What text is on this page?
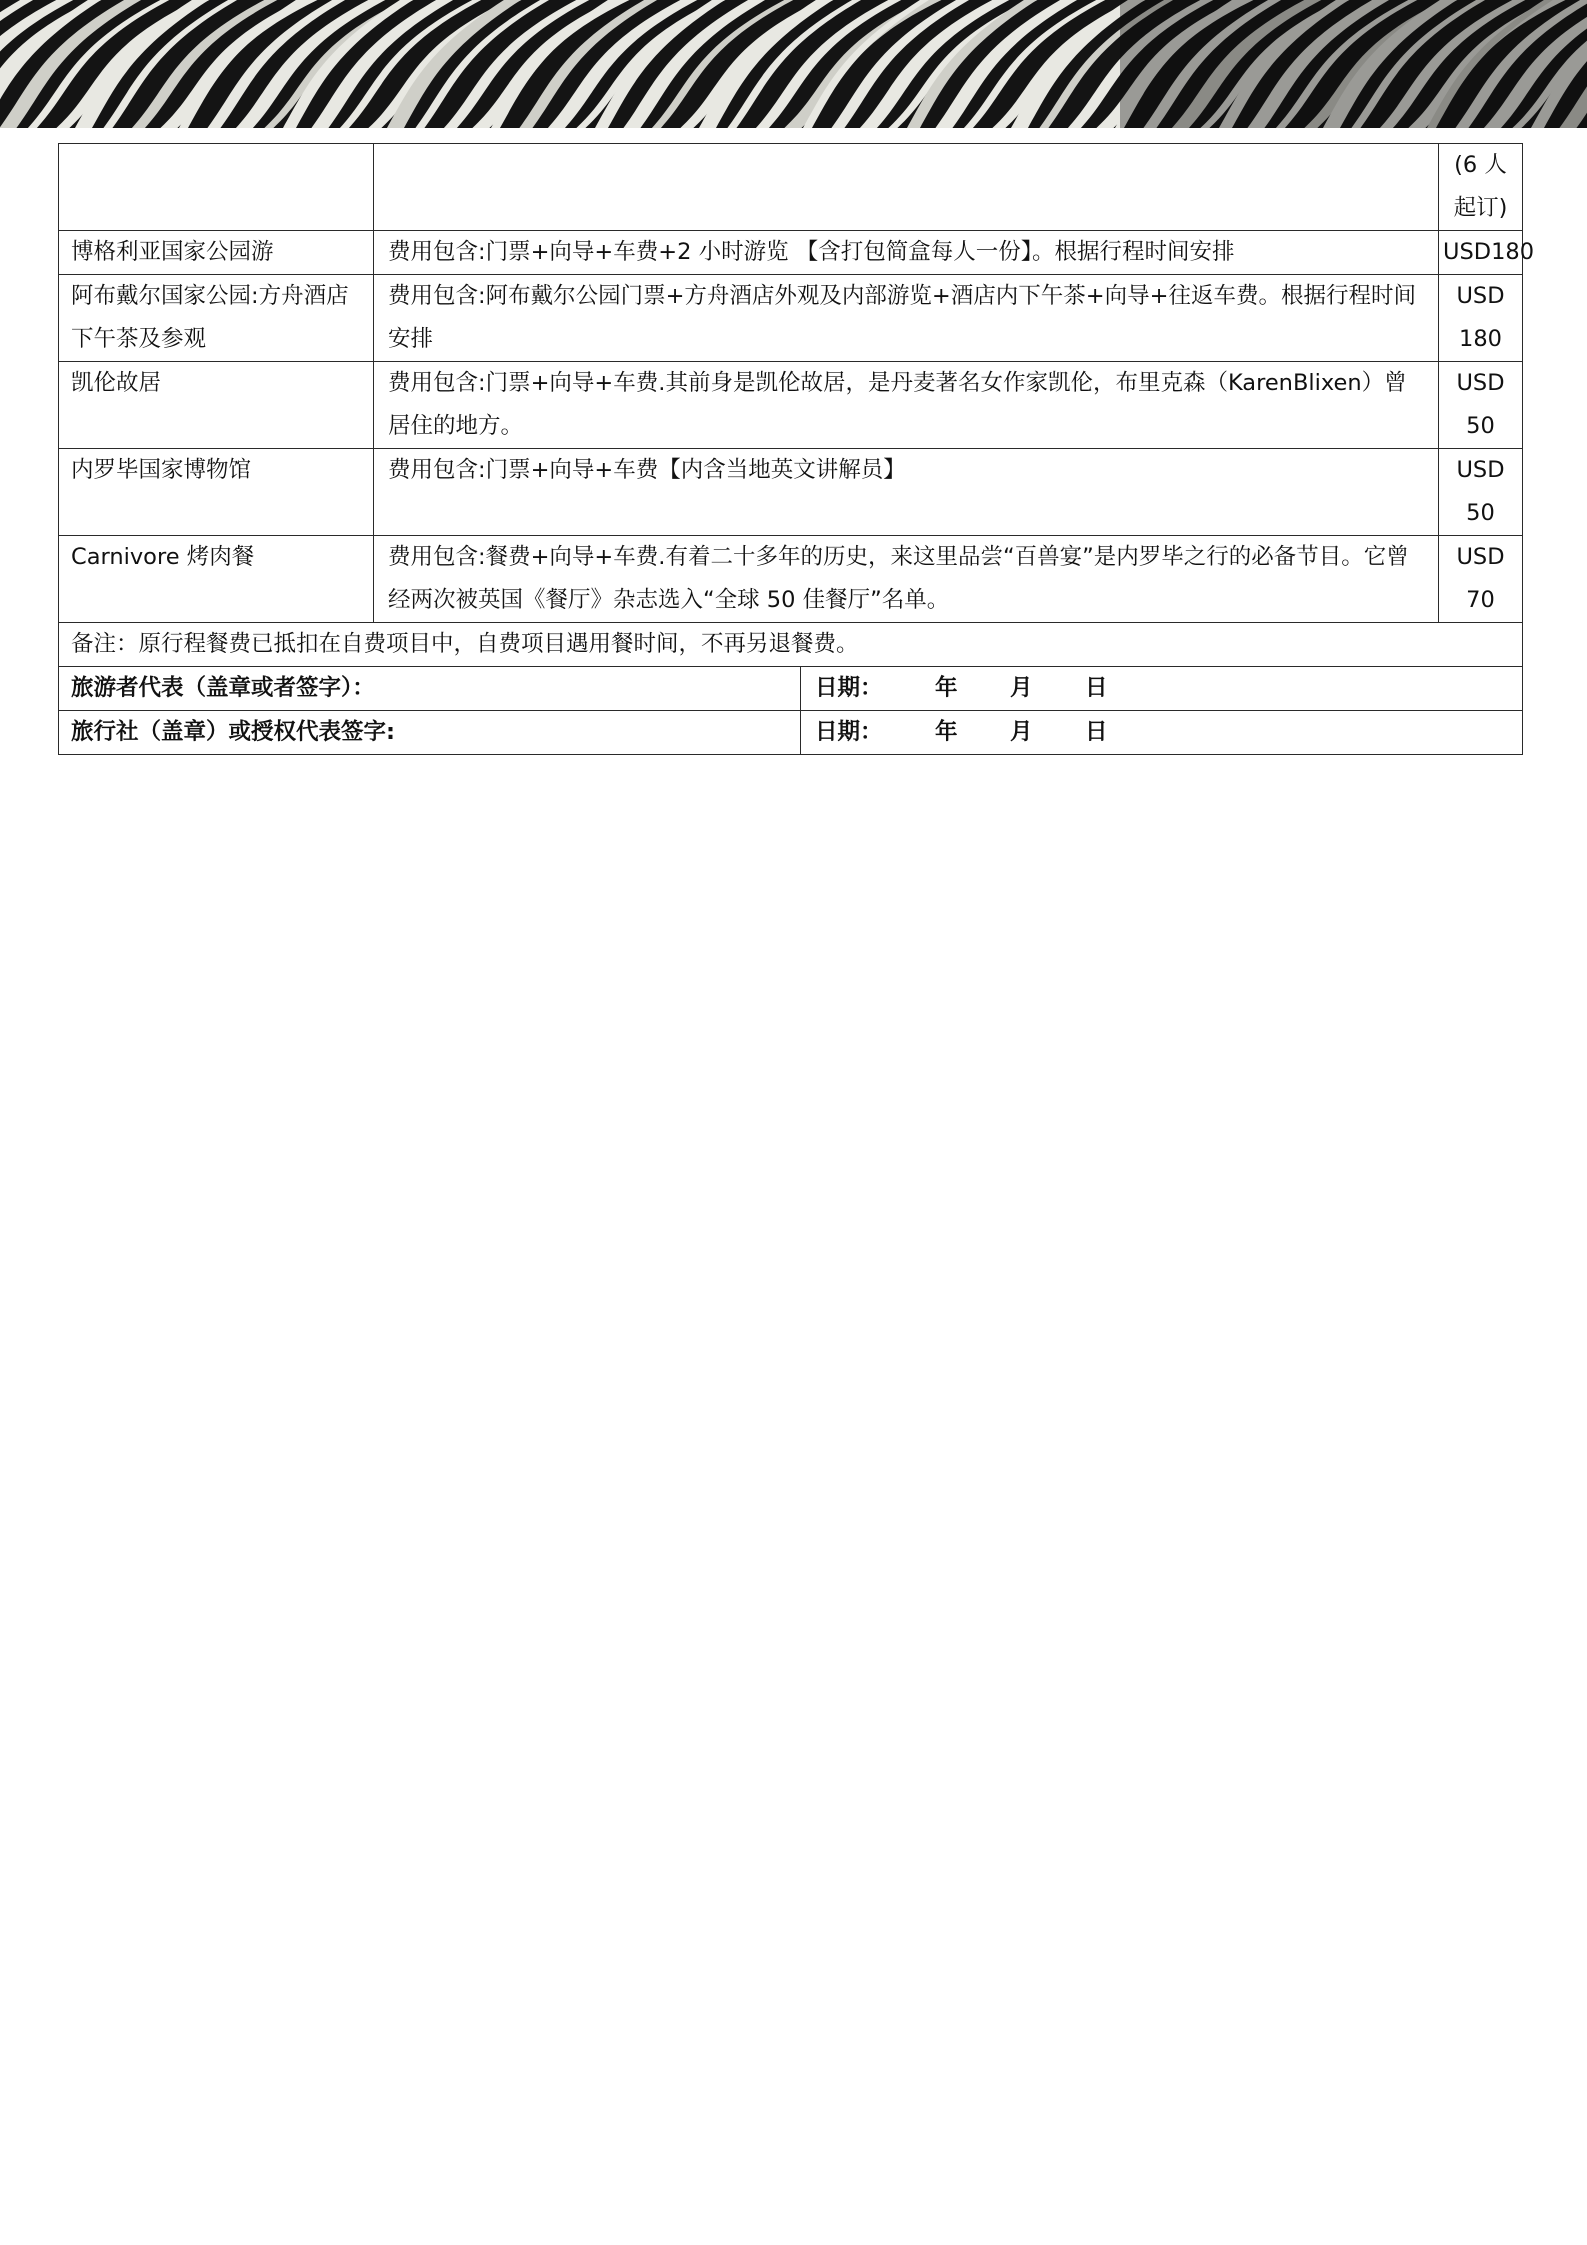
			(6 人起订)
博格利亚国家公园游	费用包含:门票+向导+车费+2 小时游览 【含打包简盒每人一份】。根据行程时间安排		USD180
阿布戴尔国家公园:方舟酒店下午茶及参观	费用包含:阿布戴尔公园门票+方舟酒店外观及内部游览+酒店内下午茶+向导+往返车费。根据行程时间安排		USD 180
凯伦故居	费用包含:门票+向导+车费.其前身是凯伦故居，是丹麦著名女作家凯伦，布里克森（KarenBlixen）曾居住的地方。		USD 50
内罗毕国家博物馆	费用包含:门票+向导+车费【内含当地英文讲解员】		USD 50
Carnivore 烤肉餐	费用包含:餐费+向导+车费.有着二十多年的历史，来这里品尝“百兽宴”是内罗毕之行的必备节目。它曾经两次被英国《餐厅》杂志选入“全球 50 佳餐厅”名单。		USD 70
备注：原行程餐费已抵扣在自费项目中，自费项目遇用餐时间，不再另退餐费。			
旅游者代表（盖章或者签字）：		日期： 年 月 日	
旅行社（盖章）或授权代表签字:		日期： 年 月 日	
